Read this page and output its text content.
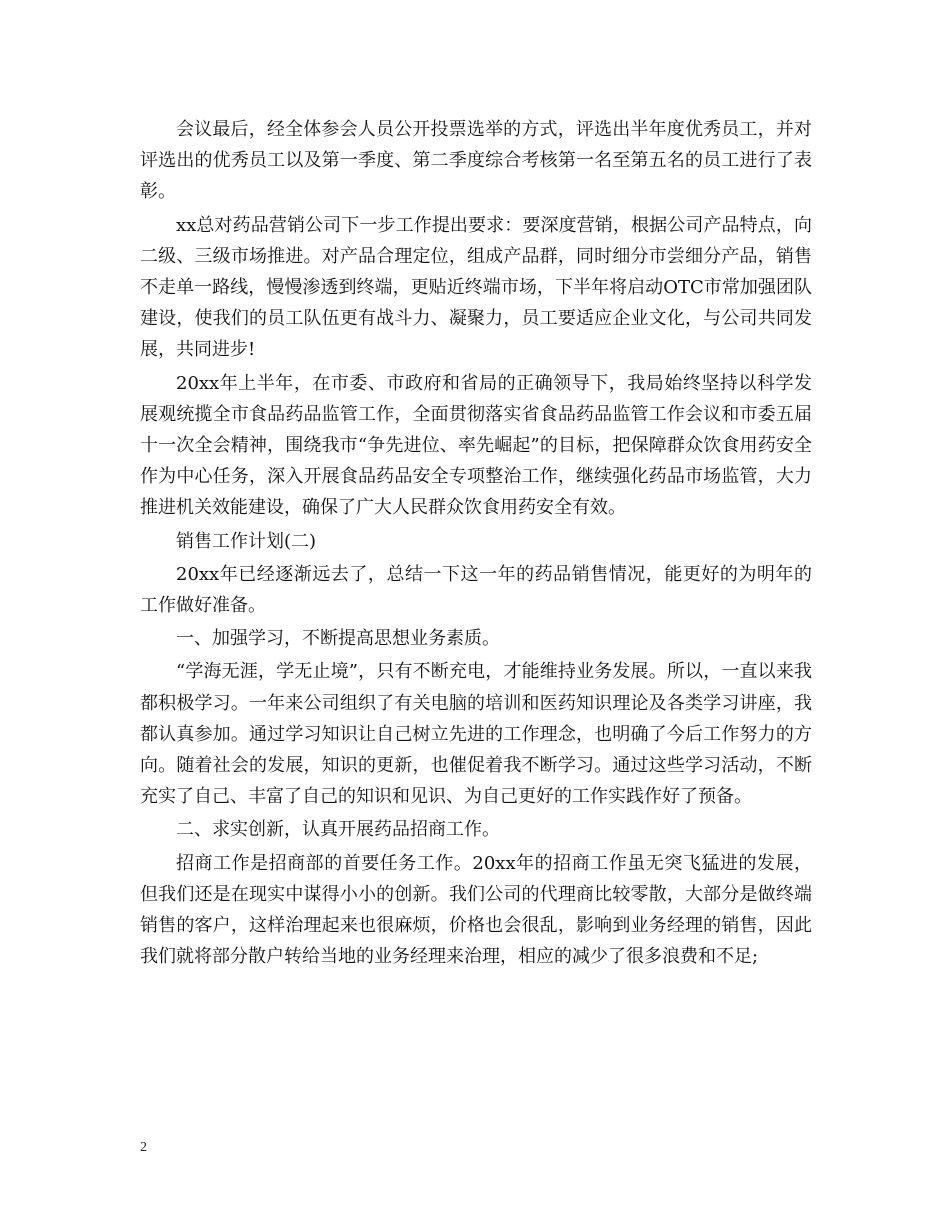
会议最后，经全体参会人员公开投票选举的方式，评选出半年度优秀员工，并对评选出的优秀员工以及第一季度、第二季度综合考核第一名至第五名的员工进行了表彰。

xx总对药品营销公司下一步工作提出要求：要深度营销，根据公司产品特点，向二级、三级市场推进。对产品合理定位，组成产品群，同时细分市尝细分产品，销售不走单一路线，慢慢渗透到终端，更贴近终端市场，下半年将启动OTC市常加强团队建设，使我们的员工队伍更有战斗力、凝聚力，员工要适应企业文化，与公司共同发展，共同进步!

20xx年上半年，在市委、市政府和省局的正确领导下，我局始终坚持以科学发展观统揽全市食品药品监管工作，全面贯彻落实省食品药品监管工作会议和市委五届十一次全会精神，围绕我市“争先进位、率先崛起”的目标，把保障群众饮食用药安全作为中心任务，深入开展食品药品安全专项整治工作，继续强化药品市场监管，大力推进机关效能建设，确保了广大人民群众饮食用药安全有效。

销售工作计划(二)

20xx年已经逐渐远去了，总结一下这一年的药品销售情况，能更好的为明年的工作做好准备。

一、加强学习，不断提高思想业务素质。

“学海无涯，学无止境”，只有不断充电，才能维持业务发展。所以，一直以来我都积极学习。一年来公司组织了有关电脑的培训和医药知识理论及各类学习讲座，我都认真参加。通过学习知识让自己树立先进的工作理念，也明确了今后工作努力的方向。随着社会的发展，知识的更新，也催促着我不断学习。通过这些学习活动，不断充实了自己、丰富了自己的知识和见识、为自己更好的工作实践作好了预备。

二、求实创新，认真开展药品招商工作。

招商工作是招商部的首要任务工作。20xx年的招商工作虽无突飞猛进的发展，但我们还是在现实中谋得小小的创新。我们公司的代理商比较零散，大部分是做终端销售的客户，这样治理起来也很麻烦，价格也会很乱，影响到业务经理的销售，因此我们就将部分散户转给当地的业务经理来治理，相应的减少了很多浪费和不足;

2
